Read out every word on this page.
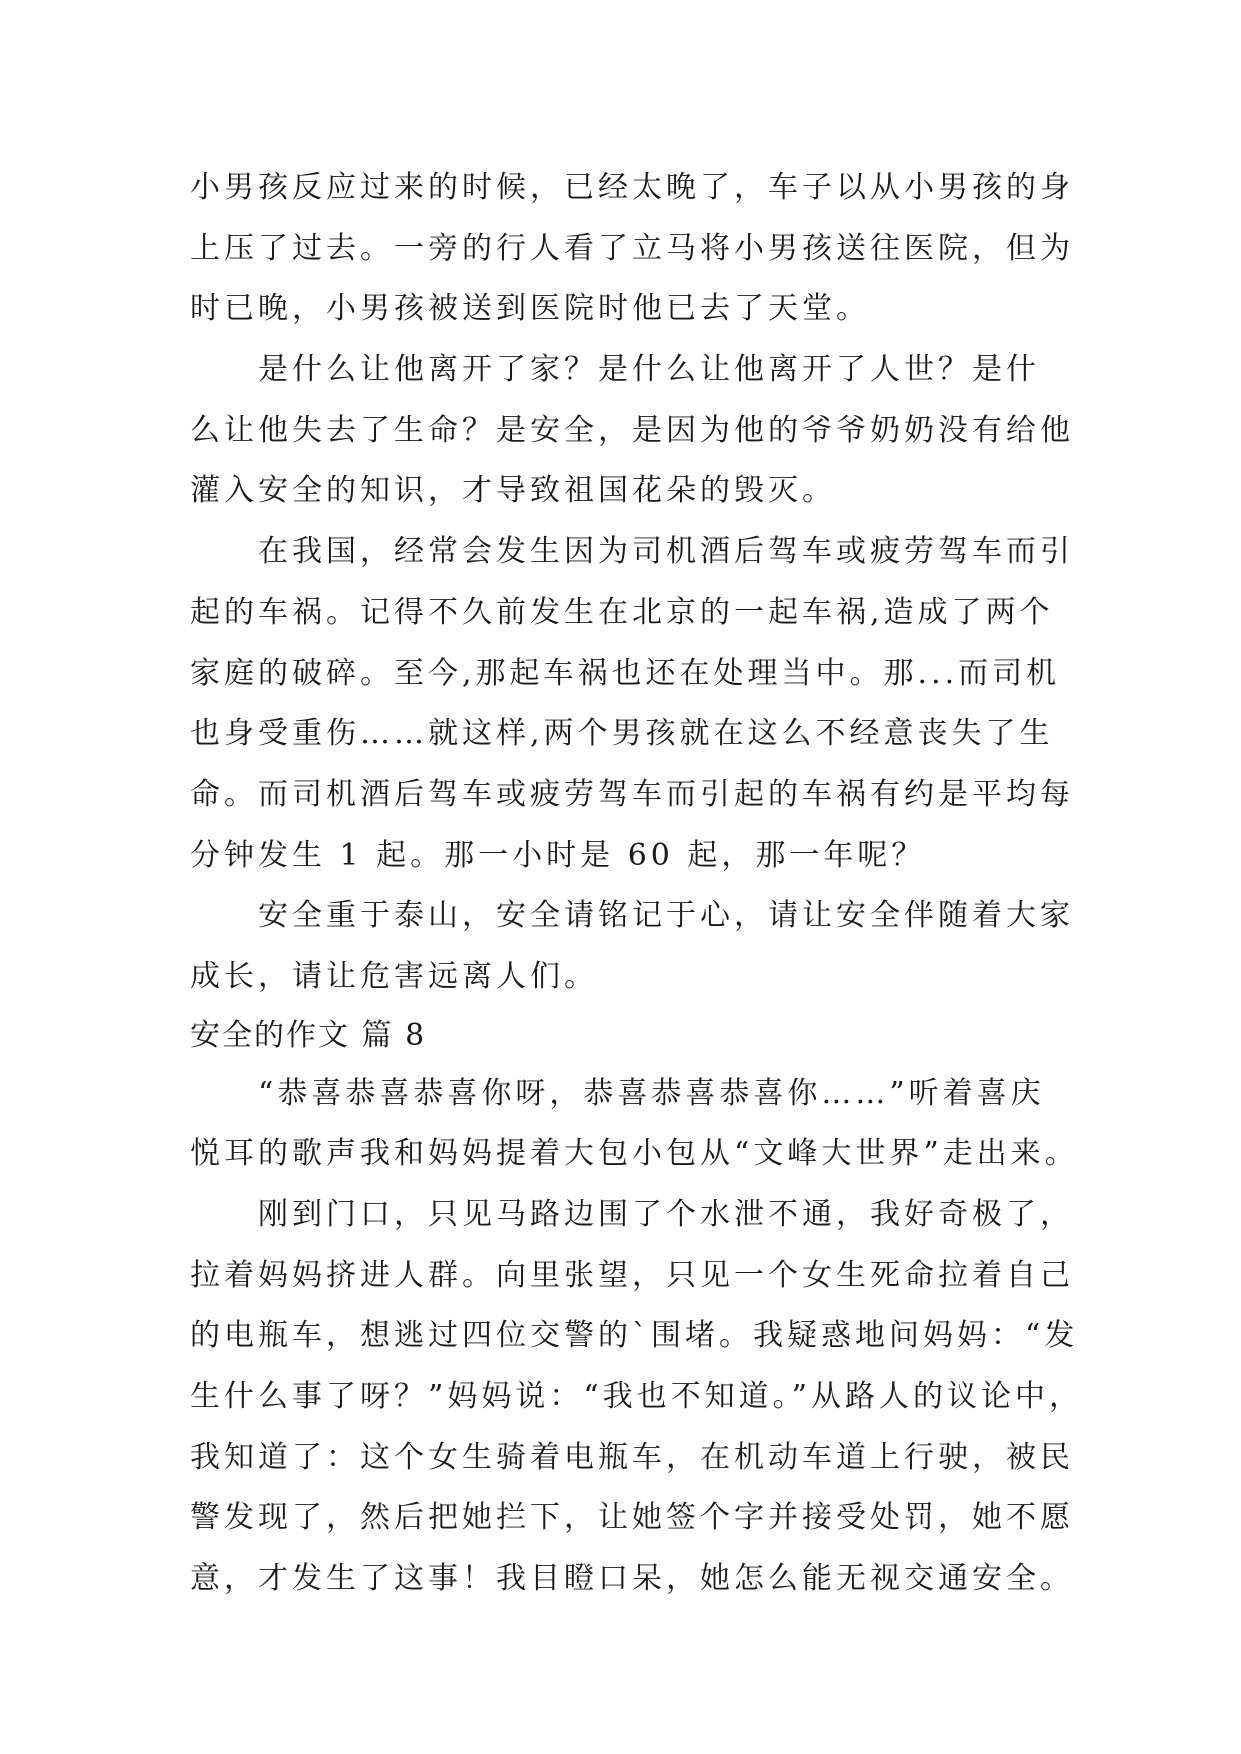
小男孩反应过来的时候，已经太晚了，车子以从小男孩的身
上压了过去。一旁的行人看了立马将小男孩送往医院，但为
时已晚，小男孩被送到医院时他已去了天堂。
是什么让他离开了家？是什么让他离开了人世？是什
么让他失去了生命？是安全，是因为他的爷爷奶奶没有给他
灌入安全的知识，才导致祖国花朵的毁灭。
在我国，经常会发生因为司机酒后驾车或疲劳驾车而引
起的车祸。记得不久前发生在北京的一起车祸,造成了两个
家庭的破碎。至今,那起车祸也还在处理当中。那...而司机
也身受重伤……就这样,两个男孩就在这么不经意丧失了生
命。而司机酒后驾车或疲劳驾车而引起的车祸有约是平均每
分钟发生 1 起。那一小时是 60 起，那一年呢？
安全重于泰山，安全请铭记于心，请让安全伴随着大家
成长，请让危害远离人们。
安全的作文 篇 8
“恭喜恭喜恭喜你呀，恭喜恭喜恭喜你……”听着喜庆
悦耳的歌声我和妈妈提着大包小包从“文峰大世界”走出来。
刚到门口，只见马路边围了个水泄不通，我好奇极了，
拉着妈妈挤进人群。向里张望，只见一个女生死命拉着自己
的电瓶车，想逃过四位交警的`围堵。我疑惑地问妈妈：“发
生什么事了呀？”妈妈说：“我也不知道。”从路人的议论中，
我知道了：这个女生骑着电瓶车，在机动车道上行驶，被民
警发现了，然后把她拦下，让她签个字并接受处罚，她不愿
意，才发生了这事！我目瞪口呆，她怎么能无视交通安全。
